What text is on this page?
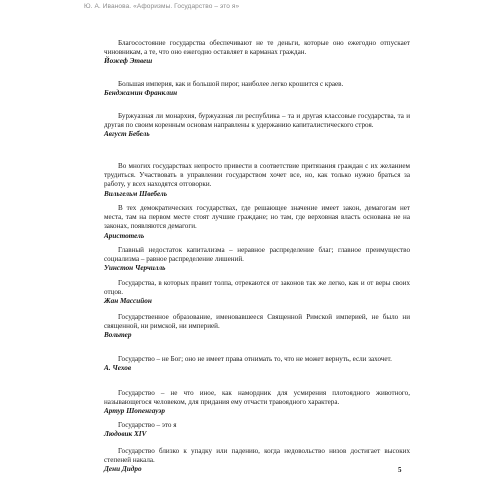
Ю. А. Иванова. «Афоризмы. Государство – это я»
Благосостояние государства обеспечивают не те деньги, которые оно ежегодно отпускает чиновникам, а те, что оно ежегодно оставляет в карманах граждан.
Йожеф Этвеш
Большая империя, как и большой пирог, наиболее легко крошится с краев.
Бенджамин Франклин
Буржуазная ли монархия, буржуазная ли республика – та и другая классовые государства, та и другая по своим коренным основам направлены к удержанию капиталистического строя.
Август Бебель
Во многих государствах непросто привести в соответствие притязания граждан с их желанием трудиться. Участвовать в управлении государством хочет все, но, как только нужно браться за работу, у всех находятся отговорки.
Вильгельм Швебель
В тех демократических государствах, где решающее значение имеет закон, демагогам нет места, там на первом месте стоят лучшие граждане; но там, где верховная власть основана не на законах, появляются демагоги.
Аристотель
Главный недостаток капитализма – неравное распределение благ; главное преимущество социализма – равное распределение лишений.
Уинстон Черчилль
Государства, в которых правит толпа, отрекаются от законов так же легко, как и от веры своих отцов.
Жан Массийон
Государственное образование, именовавшееся Священной Римской империей, не было ни священной, ни римской, ни империей.
Вольтер
Государство – не Бог; оно не имеет права отнимать то, что не может вернуть, если захочет.
А. Чехов
Государство – не что иное, как намордник для усмирения плотоядного животного, называющегося человеком, для придания ему отчасти травоядного характера.
Артур Шопенгауэр
Государство – это я
Людовик XIV
Государство близко к упадку или падению, когда недовольство низов достигает высоких степеней накала.
Дени Дидро	5
